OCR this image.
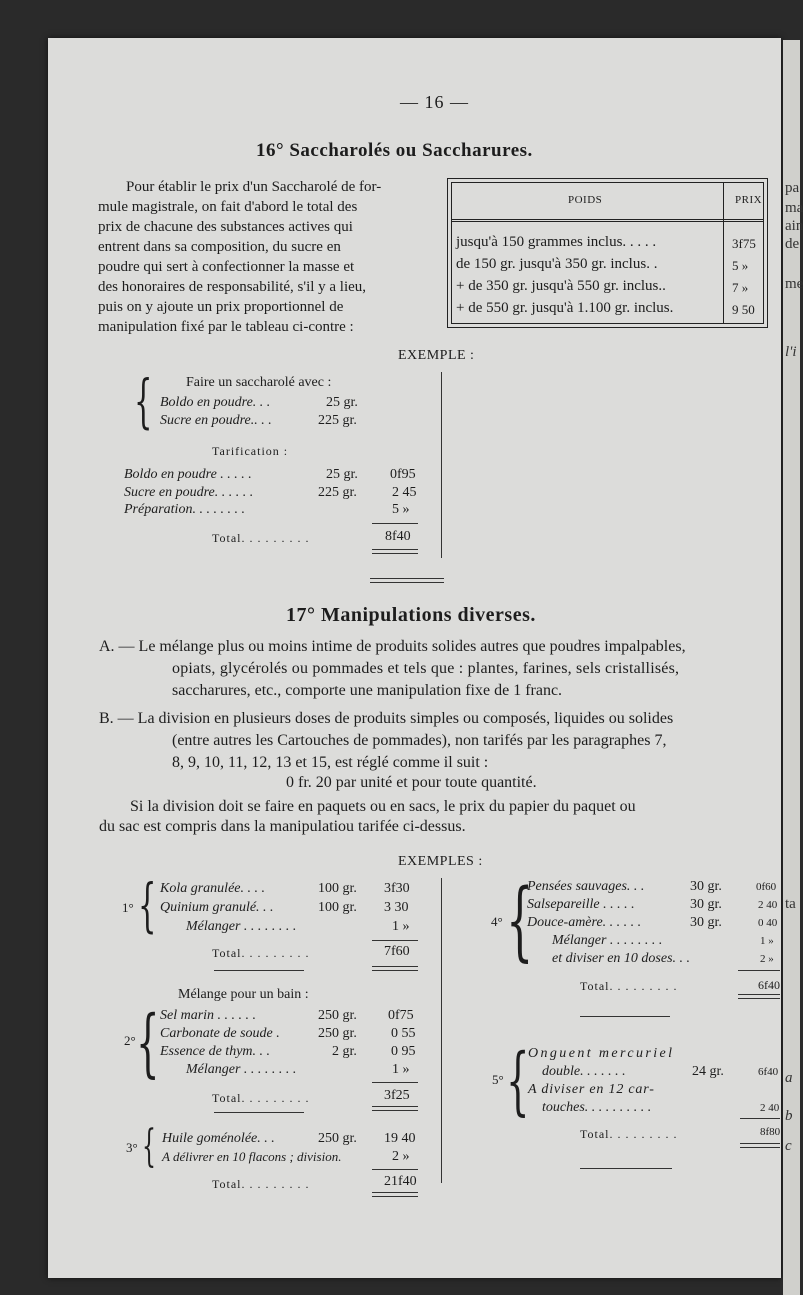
pa
ma
ain
de
me
l'i
ta
a
b
c
— 16 —
16° Saccharolés ou Saccharures.
Pour établir le prix d'un Saccharolé de for-
mule magistrale, on fait d'abord le total des
prix de chacune des substances actives qui
entrent dans sa composition, du sucre en
poudre qui sert à confectionner la masse et
des honoraires de responsabilité, s'il y a lieu,
puis on y ajoute un prix proportionnel de
manipulation fixé par le tableau ci-contre :
POIDS	PRIX
jusqu'à 150 grammes inclus. . . . .	3f75
de 150 gr. jusqu'à 350 gr. inclus. .	5 »
+ de 350 gr. jusqu'à 550 gr. inclus..	7 »
+ de 550 gr. jusqu'à 1.100 gr. inclus.	9 50
EXEMPLE :
{ Faire un saccharolé avec :
Boldo en poudre. . .	25 gr.
Sucre en poudre.. . .	225 gr.
Tarification :
Boldo en poudre . . . . .	25 gr. 0f95
Sucre en poudre. . . . . .	225 gr.	2 45
Préparation. . . . . . . .	5 »
Total. . . . . . . . .	8f40
17° Manipulations diverses.
A. — Le mélange plus ou moins intime de produits solides autres que poudres impalpables,
opiats, glycérolés ou pommades et tels que : plantes, farines, sels cristallisés,
saccharures, etc., comporte une manipulation fixe de 1 franc.
B. — La division en plusieurs doses de produits simples ou composés, liquides ou solides
(entre autres les Cartouches de pommades), non tarifés par les paragraphes 7,
8, 9, 10, 11, 12, 13 et 15, est réglé comme il suit :
0 fr. 20 par unité et pour toute quantité.
Si la division doit se faire en paquets ou en sacs, le prix du papier du paquet ou
du sac est compris dans la manipulatiou tarifée ci-dessus.
EXEMPLES :
1° { Kola granulée. . . .	100 gr. 3f30
Quinium granulé. . .	100 gr. 3 30
Mélanger . . . . . . . .	1 »
Total. . . . . . . . .	7f60
Mélange pour un bain :
2° { Sel marin . . . . . .	250 gr. 0f75
Carbonate de soude .	250 gr. 0 55
Essence de thym. . .	2 gr. 0 95
Mélanger . . . . . . . .	1 »
Total. . . . . . . . .	3f25
3° { Huile goménolée. . .	250 gr. 19 40
A délivrer en 10 flacons ; division.	2 »
Total. . . . . . . . .	21f40
4° {
Pensées sauvages. . .	30 gr.	0f60
Salsepareille . . . . .	30 gr.	2 40
Douce-amère. . . . . .	30 gr.	0 40
Mélanger . . . . . . . .	1 »
et diviser en 10 doses. . .	2 »
Total. . . . . . . . .	6f40
5° {
Onguent mercuriel
double. . . . . . .	24 gr.	6f40
A diviser en 12 car-
touches. . . . . . . . . .	2 40
Total. . . . . . . . .	8f80
